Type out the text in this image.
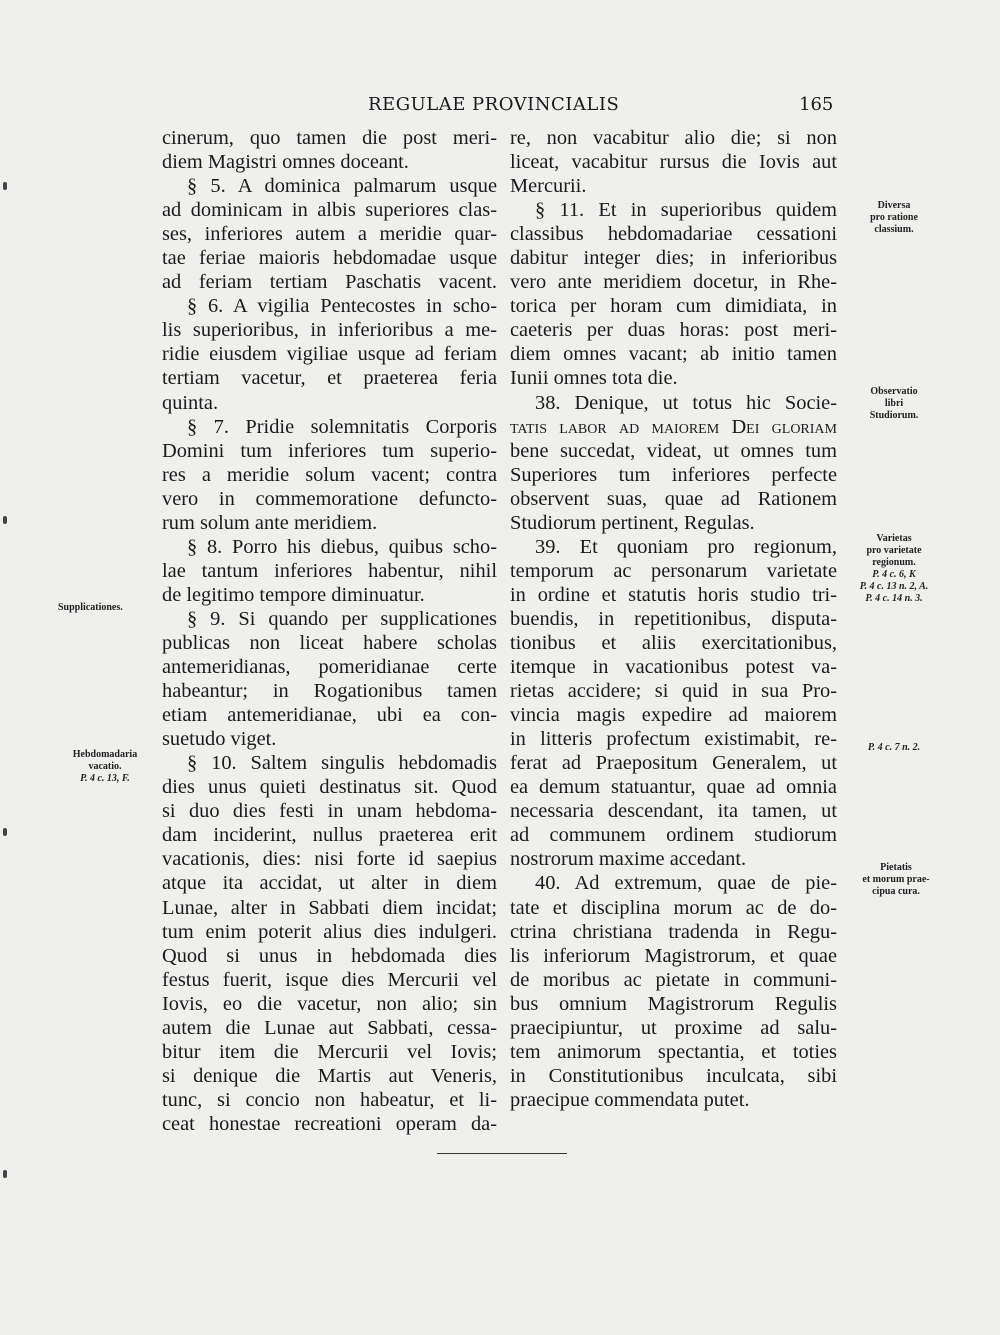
REGULAE PROVINCIALIS	165
cinerum, quo tamen die post meri-
diem Magistri omnes doceant.
§ 5. A dominica palmarum usque
ad dominicam in albis superiores clas-
ses, inferiores autem a meridie quar-
tae feriae maioris hebdomadae usque
ad feriam tertiam Paschatis vacent.
§ 6. A vigilia Pentecostes in scho-
lis superioribus, in inferioribus a me-
ridie eiusdem vigiliae usque ad feriam
tertiam vacetur, et praeterea feria
quinta.
§ 7. Pridie solemnitatis Corporis
Domini tum inferiores tum superio-
res a meridie solum vacent; contra
vero in commemoratione defuncto-
rum solum ante meridiem.
§ 8. Porro his diebus, quibus scho-
lae tantum inferiores habentur, nihil
de legitimo tempore diminuatur.
§ 9. Si quando per supplicationes
publicas non liceat habere scholas
antemeridianas, pomeridianae certe
habeantur; in Rogationibus tamen
etiam antemeridianae, ubi ea con-
suetudo viget.
§ 10. Saltem singulis hebdomadis
dies unus quieti destinatus sit. Quod
si duo dies festi in unam hebdoma-
dam inciderint, nullus praeterea erit
vacationis, dies: nisi forte id saepius
atque ita accidat, ut alter in diem
Lunae, alter in Sabbati diem incidat;
tum enim poterit alius dies indulgeri.
Quod si unus in hebdomada dies
festus fuerit, isque dies Mercurii vel
Iovis, eo die vacetur, non alio; sin
autem die Lunae aut Sabbati, cessa-
bitur item die Mercurii vel Iovis;
si denique die Martis aut Veneris,
tunc, si concio non habeatur, et li-
ceat honestae recreationi operam da-
re, non vacabitur alio die; si non
liceat, vacabitur rursus die Iovis aut
Mercurii.
§ 11. Et in superioribus quidem
classibus hebdomadariae cessationi
dabitur integer dies; in inferioribus
vero ante meridiem docetur, in Rhe-
torica per horam cum dimidiata, in
caeteris per duas horas: post meri-
diem omnes vacant; ab initio tamen
Iunii omnes tota die.
38. Denique, ut totus hic Socie-
tatis labor ad maiorem Dei gloriam
bene succedat, videat, ut omnes tum
Superiores tum inferiores perfecte
observent suas, quae ad Rationem
Studiorum pertinent, Regulas.
39. Et quoniam pro regionum,
temporum ac personarum varietate
in ordine et statutis horis studio tri-
buendis, in repetitionibus, disputa-
tionibus et aliis exercitationibus,
itemque in vacationibus potest va-
rietas accidere; si quid in sua Pro-
vincia magis expedire ad maiorem
in litteris profectum existimabit, re-
ferat ad Praepositum Generalem, ut
ea demum statuantur, quae ad omnia
necessaria descendant, ita tamen, ut
ad communem ordinem studiorum
nostrorum maxime accedant.
40. Ad extremum, quae de pie-
tate et disciplina morum ac de do-
ctrina christiana tradenda in Regu-
lis inferiorum Magistrorum, et quae
de moribus ac pietate in communi-
bus omnium Magistrorum Regulis
praecipiuntur, ut proxime ad salu-
tem animorum spectantia, et toties
in Constitutionibus inculcata, sibi
praecipue commendata putet.
Supplicationes.
Hebdomadaria
vacatio.
P. 4 c. 13, F.
Diversa
pro ratione
classium.
Observatio
libri
Studiorum.
Varietas
pro varietate
regionum.
P. 4 c. 6, K
P. 4 c. 13 n. 2, A.
P. 4 c. 14 n. 3.
P. 4 c. 7 n. 2.
Pietatis
et morum prae-
cipua cura.
